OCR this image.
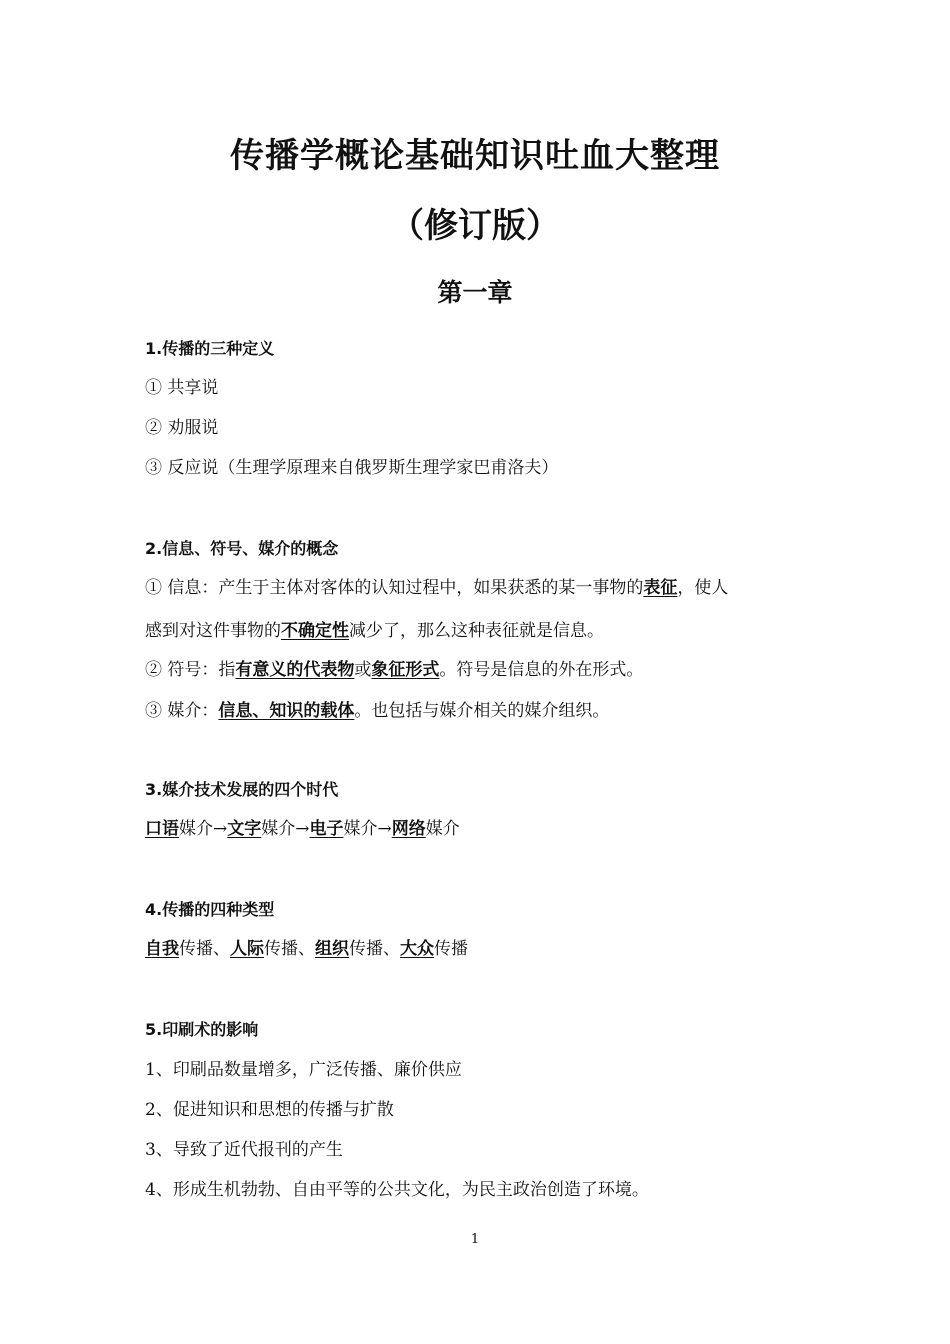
传播学概论基础知识吐血大整理
（修订版）
第一章
1.传播的三种定义
① 共享说
② 劝服说
③ 反应说（生理学原理来自俄罗斯生理学家巴甫洛夫）
2.信息、符号、媒介的概念
① 信息：产生于主体对客体的认知过程中，如果获悉的某一事物的表征，使人
感到对这件事物的不确定性减少了，那么这种表征就是信息。
② 符号：指有意义的代表物或象征形式。符号是信息的外在形式。
③ 媒介：信息、知识的载体。也包括与媒介相关的媒介组织。
3.媒介技术发展的四个时代
口语媒介→文字媒介→电子媒介→网络媒介
4.传播的四种类型
自我传播、人际传播、组织传播、大众传播
5.印刷术的影响
1、印刷品数量增多，广泛传播、廉价供应
2、促进知识和思想的传播与扩散
3、导致了近代报刊的产生
4、形成生机勃勃、自由平等的公共文化，为民主政治创造了环境。
1
